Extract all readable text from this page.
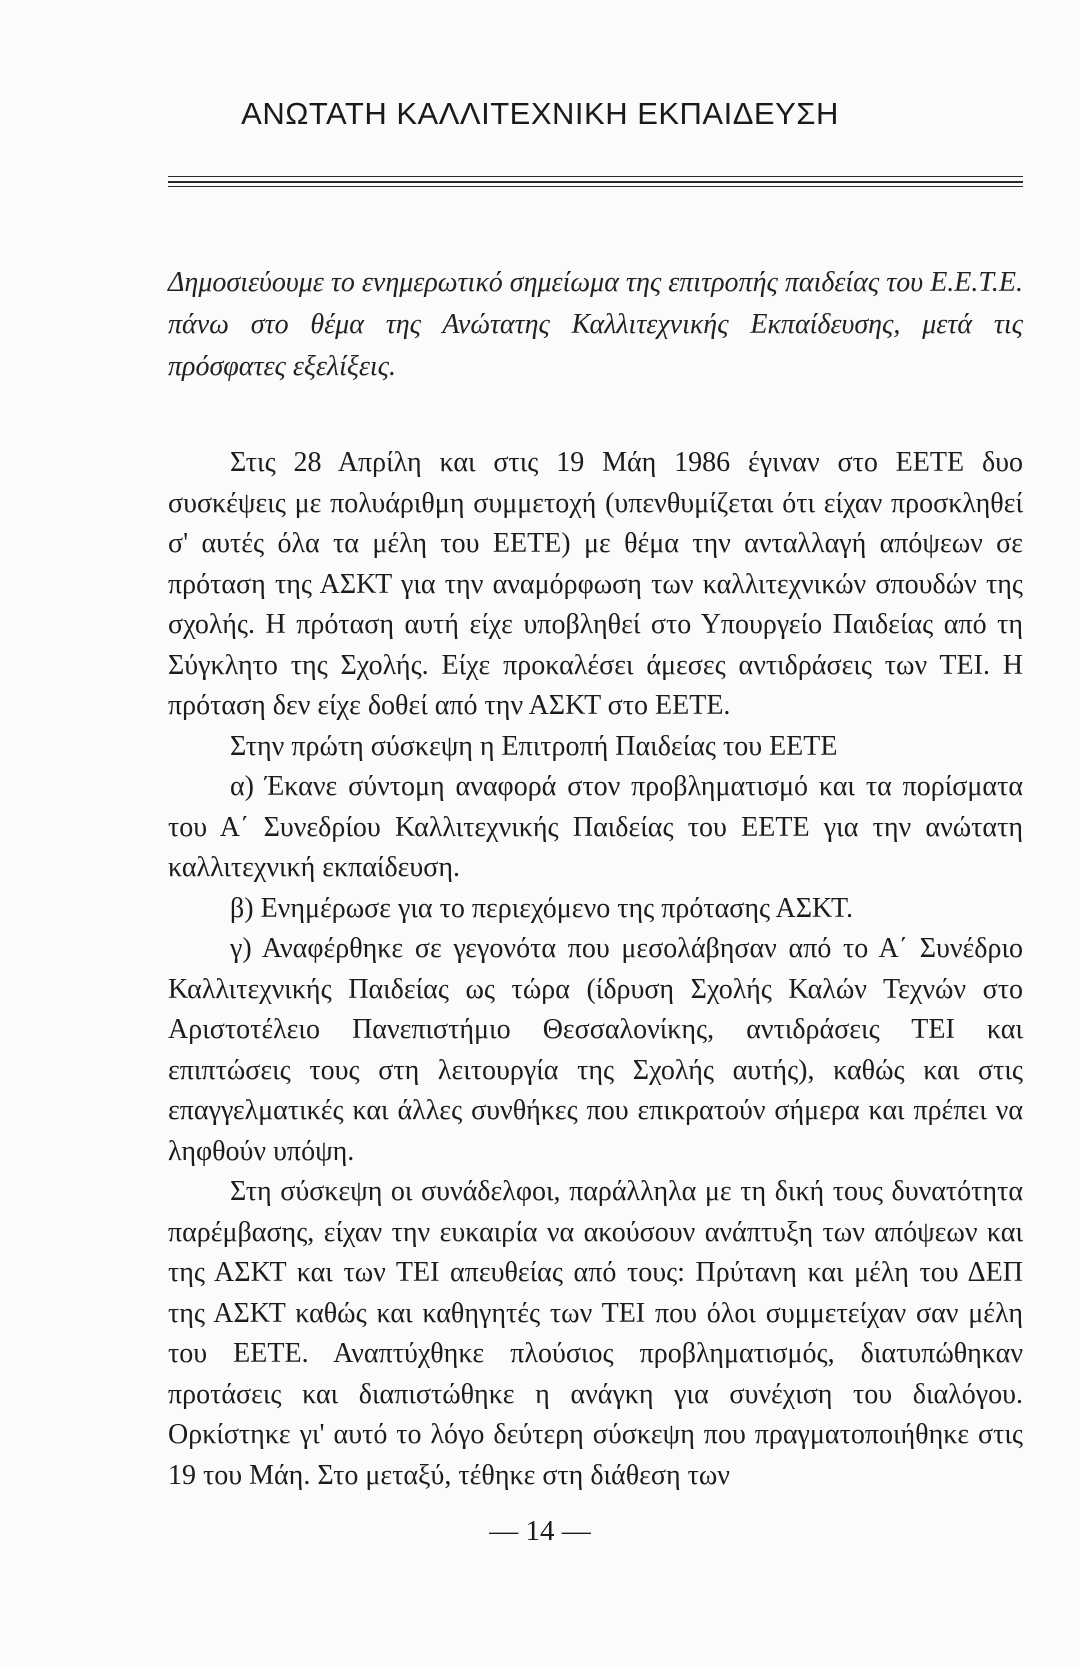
ΑΝΩΤΑΤΗ ΚΑΛΛΙΤΕΧΝΙΚΗ ΕΚΠΑΙΔΕΥΣΗ
Δημοσιεύουμε το ενημερωτικό σημείωμα της επιτροπής παιδείας του Ε.Ε.Τ.Ε. πάνω στο θέμα της Ανώτατης Καλλιτεχνικής Εκπαίδευσης, μετά τις πρόσφατες εξελίξεις.

Στις 28 Απρίλη και στις 19 Μάη 1986 έγιναν στο ΕΕΤΕ δυο συσκέψεις με πολυάριθμη συμμετοχή (υπενθυμίζεται ότι είχαν προσκληθεί σ' αυτές όλα τα μέλη του ΕΕΤΕ) με θέμα την ανταλλαγή απόψεων σε πρόταση της ΑΣΚΤ για την αναμόρφωση των καλλιτεχνικών σπουδών της σχολής. Η πρόταση αυτή είχε υποβληθεί στο Υπουργείο Παιδείας από τη Σύγκλητο της Σχολής. Είχε προκαλέσει άμεσες αντιδράσεις των ΤΕΙ. Η πρόταση δεν είχε δοθεί από την ΑΣΚΤ στο ΕΕΤΕ.

Στην πρώτη σύσκεψη η Επιτροπή Παιδείας του ΕΕΤΕ

α) Έκανε σύντομη αναφορά στον προβληματισμό και τα πορίσματα του Α΄ Συνεδρίου Καλλιτεχνικής Παιδείας του ΕΕΤΕ για την ανώτατη καλλιτεχνική εκπαίδευση.

β) Ενημέρωσε για το περιεχόμενο της πρότασης ΑΣΚΤ.

γ) Αναφέρθηκε σε γεγονότα που μεσολάβησαν από το Α΄ Συνέδριο Καλλιτεχνικής Παιδείας ως τώρα (ίδρυση Σχολής Καλών Τεχνών στο Αριστοτέλειο Πανεπιστήμιο Θεσσαλονίκης, αντιδράσεις ΤΕΙ και επιπτώσεις τους στη λειτουργία της Σχολής αυτής), καθώς και στις επαγγελματικές και άλλες συνθήκες που επικρατούν σήμερα και πρέπει να ληφθούν υπόψη.

Στη σύσκεψη οι συνάδελφοι, παράλληλα με τη δική τους δυνατότητα παρέμβασης, είχαν την ευκαιρία να ακούσουν ανάπτυξη των απόψεων και της ΑΣΚΤ και των ΤΕΙ απευθείας από τους: Πρύτανη και μέλη του ΔΕΠ της ΑΣΚΤ καθώς και καθηγητές των ΤΕΙ που όλοι συμμετείχαν σαν μέλη του ΕΕΤΕ. Αναπτύχθηκε πλούσιος προβληματισμός, διατυπώθηκαν προτάσεις και διαπιστώθηκε η ανάγκη για συνέχιση του διαλόγου. Ορκίστηκε γι' αυτό το λόγο δεύτερη σύσκεψη που πραγματοποιήθηκε στις 19 του Μάη. Στο μεταξύ, τέθηκε στη διάθεση των

— 14 —
